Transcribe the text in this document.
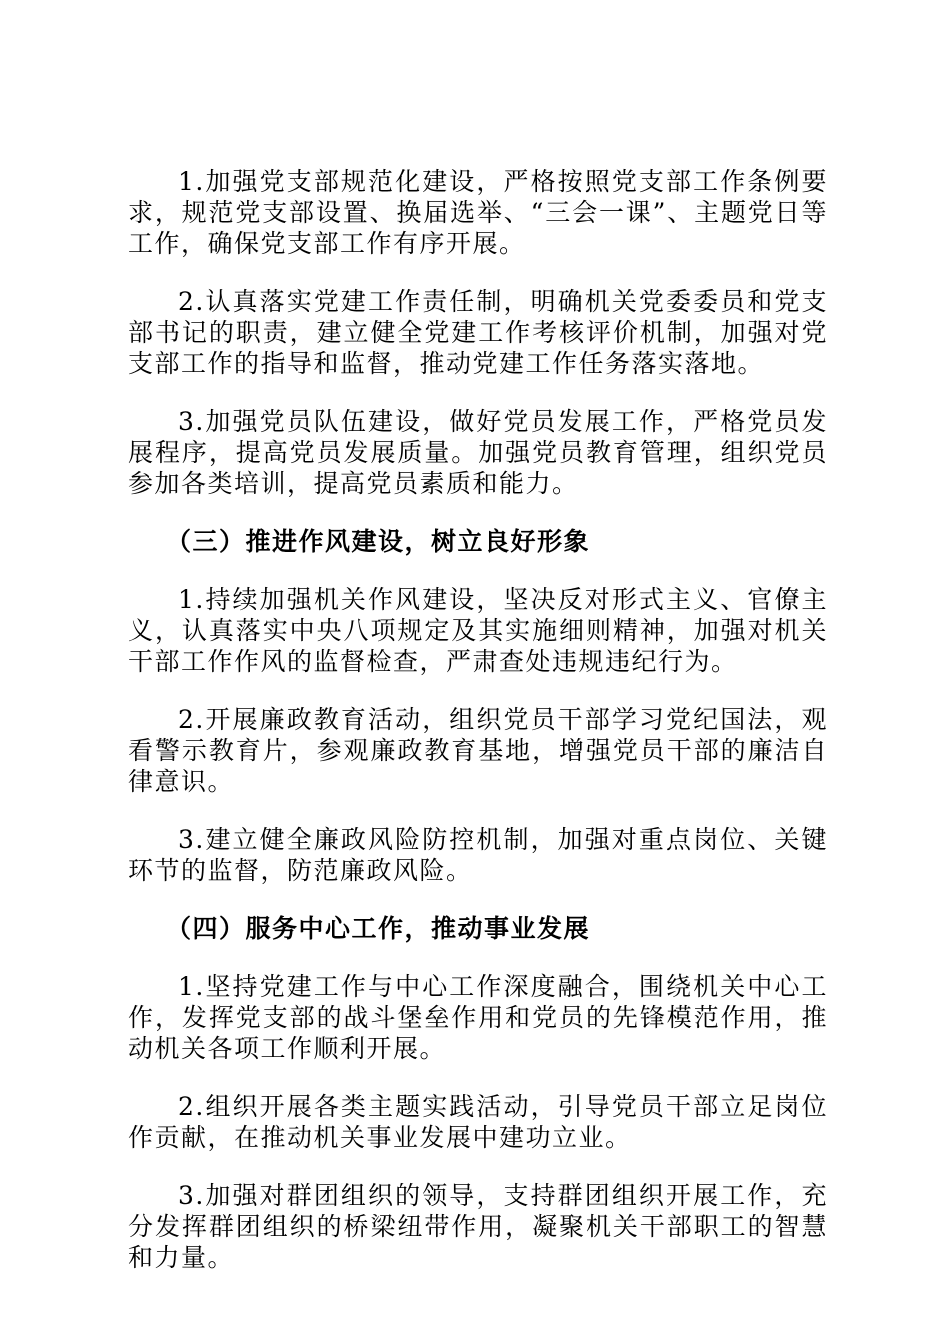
1.加强党支部规范化建设，严格按照党支部工作条例要求，规范党支部设置、换届选举、“三会一课”、主题党日等工作，确保党支部工作有序开展。

2.认真落实党建工作责任制，明确机关党委委员和党支部书记的职责，建立健全党建工作考核评价机制，加强对党支部工作的指导和监督，推动党建工作任务落实落地。

3.加强党员队伍建设，做好党员发展工作，严格党员发展程序，提高党员发展质量。加强党员教育管理，组织党员参加各类培训，提高党员素质和能力。

（三）推进作风建设，树立良好形象

1.持续加强机关作风建设，坚决反对形式主义、官僚主义，认真落实中央八项规定及其实施细则精神，加强对机关干部工作作风的监督检查，严肃查处违规违纪行为。

2.开展廉政教育活动，组织党员干部学习党纪国法，观看警示教育片，参观廉政教育基地，增强党员干部的廉洁自律意识。

3.建立健全廉政风险防控机制，加强对重点岗位、关键环节的监督，防范廉政风险。

（四）服务中心工作，推动事业发展

1.坚持党建工作与中心工作深度融合，围绕机关中心工作，发挥党支部的战斗堡垒作用和党员的先锋模范作用，推动机关各项工作顺利开展。

2.组织开展各类主题实践活动，引导党员干部立足岗位作贡献，在推动机关事业发展中建功立业。

3.加强对群团组织的领导，支持群团组织开展工作，充分发挥群团组织的桥梁纽带作用，凝聚机关干部职工的智慧和力量。
